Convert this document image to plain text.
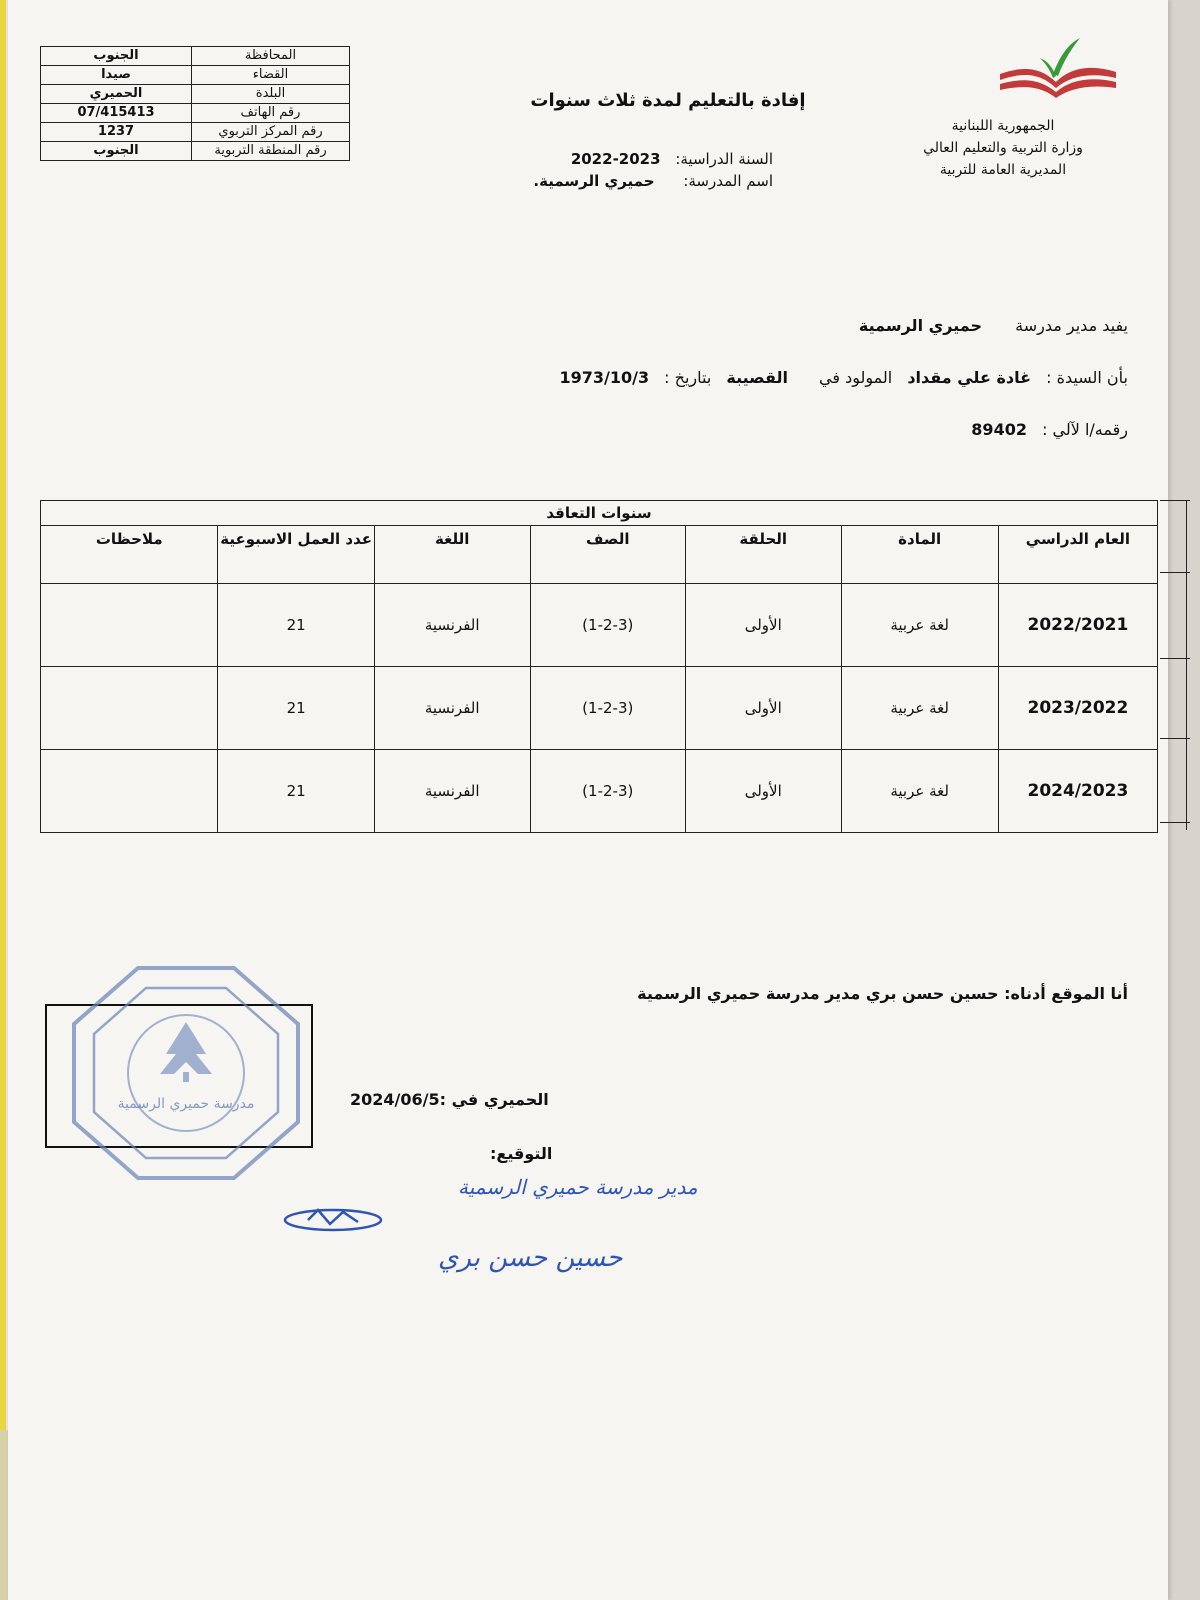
المحافظة	الجنوب
القضاء	صيدا
البلدة	الحميري
رقم الهاتف	07/415413
رقم المركز التربوي	1237
رقم المنطقة التربوية	الجنوب
الجمهورية اللبنانية
وزارة التربية والتعليم العالي
المديرية العامة للتربية
إفادة بالتعليم لمدة ثلاث سنوات
السنة الدراسية: 2023-2022
اسم المدرسة: حميري الرسمية.
يفيد مدير مدرسة حميري الرسمية
بأن السيدة : غادة علي مقداد المولود في القصيبة بتاريخ : 1973/10/3
رقمه/ا لآلي : 89402
سنوات التعاقد						
العام الدراسي	المادة	الحلقة	الصف	اللغة	عدد العمل الاسبوعية	ملاحظات
2022/2021	لغة عربية	الأولى	(1-2-3)	الفرنسية	21	
2023/2022	لغة عربية	الأولى	(1-2-3)	الفرنسية	21	
2024/2023	لغة عربية	الأولى	(1-2-3)	الفرنسية	21	
أنا الموقع أدناه: حسين حسن بري مدير مدرسة حميري الرسمية
الحميري في :2024/06/5
التوقيع:
مدرسة حميري الرسمية
مدير مدرسة حميري الرسمية
حسين حسن بري
